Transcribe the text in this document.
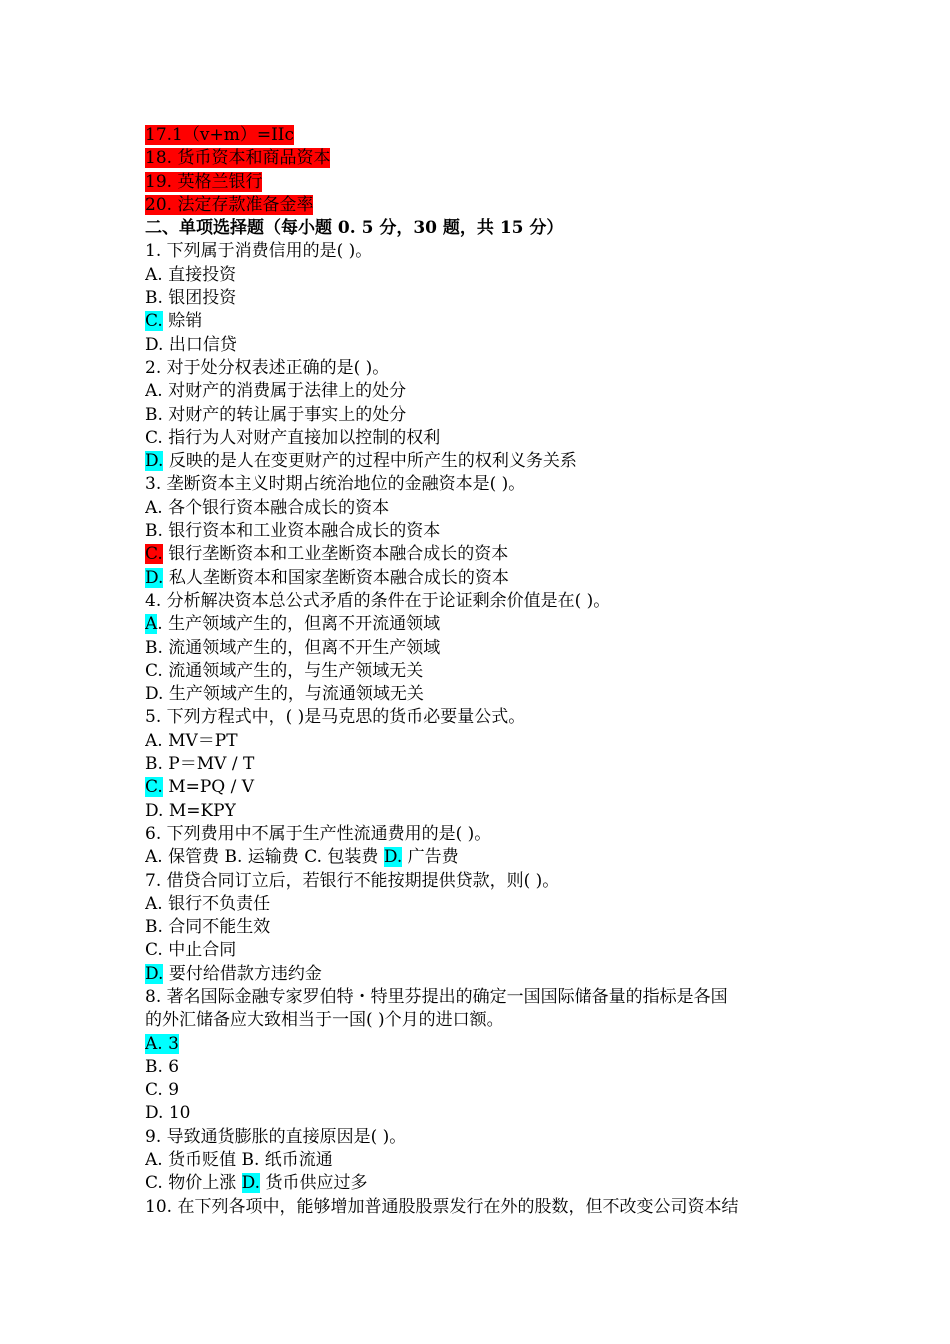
17.1（v+m）=IIc
18. 货币资本和商品资本
19. 英格兰银行
20. 法定存款准备金率
二、单项选择题（每小题 0. 5 分，30 题，共 15 分）
1. 下列属于消费信用的是( )。
A. 直接投资
B. 银团投资
C. 赊销
D. 出口信贷
2. 对于处分权表述正确的是( )。
A. 对财产的消费属于法律上的处分
B. 对财产的转让属于事实上的处分
C. 指行为人对财产直接加以控制的权利
D. 反映的是人在变更财产的过程中所产生的权利义务关系
3. 垄断资本主义时期占统治地位的金融资本是( )。
A. 各个银行资本融合成长的资本
B. 银行资本和工业资本融合成长的资本
C. 银行垄断资本和工业垄断资本融合成长的资本
D. 私人垄断资本和国家垄断资本融合成长的资本
4. 分析解决资本总公式矛盾的条件在于论证剩余价值是在( )。
A. 生产领域产生的，但离不开流通领域
B. 流通领域产生的，但离不开生产领域
C. 流通领域产生的，与生产领域无关
D. 生产领域产生的，与流通领域无关
5. 下列方程式中，( )是马克思的货币必要量公式。
A. MV＝PT
B. P＝MV / T
C. M=PQ / V
D. M=KPY
6. 下列费用中不属于生产性流通费用的是( )。
A. 保管费 B. 运输费 C. 包装费 D. 广告费
7. 借贷合同订立后，若银行不能按期提供贷款，则( )。
A. 银行不负责任
B. 合同不能生效
C. 中止合同
D. 要付给借款方违约金
8. 著名国际金融专家罗伯特・特里芬提出的确定一国国际储备量的指标是各国
的外汇储备应大致相当于一国( )个月的进口额。
A. 3
B. 6
C. 9
D. 10
9. 导致通货膨胀的直接原因是( )。
A. 货币贬值 B. 纸币流通
C. 物价上涨 D. 货币供应过多
10. 在下列各项中，能够增加普通股股票发行在外的股数，但不改变公司资本结
